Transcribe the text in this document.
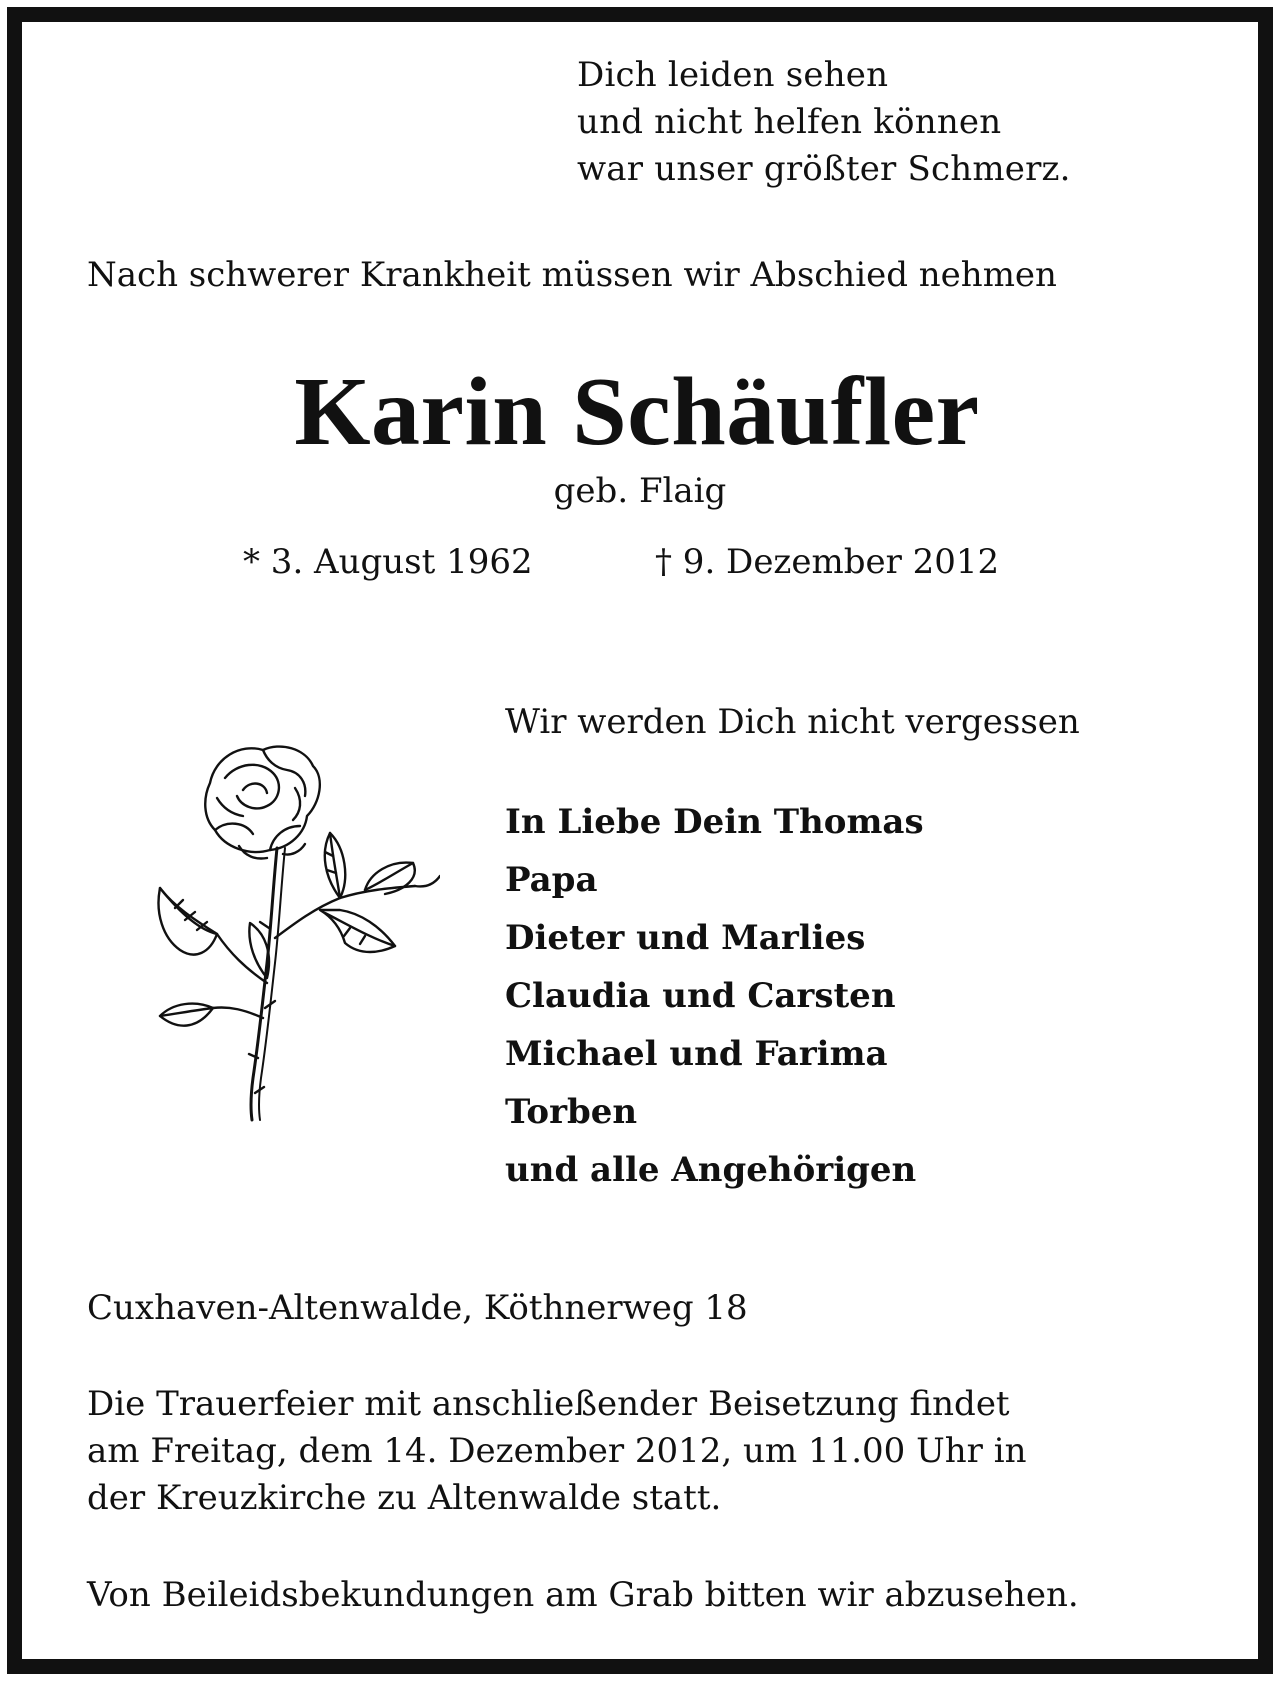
Dich leiden sehen
und nicht helfen können
war unser größter Schmerz.
Nach schwerer Krankheit müssen wir Abschied nehmen
Karin Schäufler
geb. Flaig
* 3. August 1962	† 9. Dezember 2012
Wir werden Dich nicht vergessen
In Liebe Dein Thomas
Papa
Dieter und Marlies
Claudia und Carsten
Michael und Farima
Torben
und alle Angehörigen
Cuxhaven-Altenwalde, Köthnerweg 18
Die Trauerfeier mit anschließender Beisetzung findet
am Freitag, dem 14. Dezember 2012, um 11.00 Uhr in
der Kreuzkirche zu Altenwalde statt.
Von Beileidsbekundungen am Grab bitten wir abzusehen.
